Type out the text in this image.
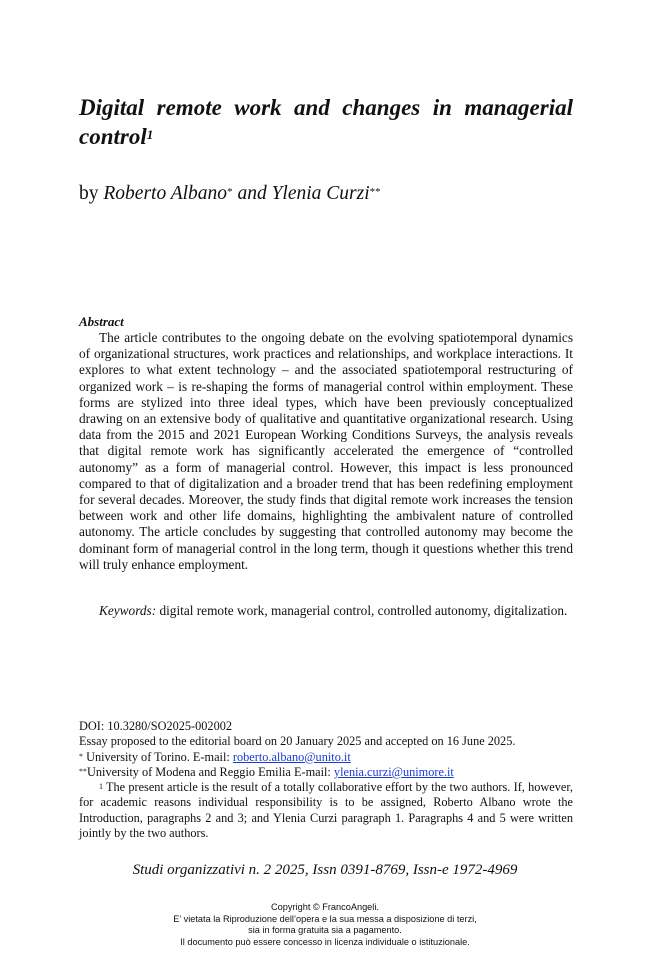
Digital remote work and changes in managerial control$^1$
by Roberto Albano* and Ylenia Curzi**
Abstract

The article contributes to the ongoing debate on the evolving spatiotemporal dynamics of organizational structures, work practices and relationships, and workplace interactions. It explores to what extent technology – and the associated spatiotemporal restructuring of organized work – is re-shaping the forms of managerial control within employment. These forms are stylized into three ideal types, which have been previously conceptualized drawing on an extensive body of qualitative and quantitative organizational research. Using data from the 2015 and 2021 European Working Conditions Surveys, the analysis reveals that digital remote work has significantly accelerated the emergence of “controlled autonomy” as a form of managerial control. However, this impact is less pronounced compared to that of digitalization and a broader trend that has been redefining employment for several decades. Moreover, the study finds that digital remote work increases the tension between work and other life domains, highlighting the ambivalent nature of controlled autonomy. The article concludes by suggesting that controlled autonomy may become the dominant form of managerial control in the long term, though it questions whether this trend will truly enhance employment.

Keywords: digital remote work, managerial control, controlled autonomy, digitalization.

DOI: 10.3280/SO2025-002002
Essay proposed to the editorial board on 20 January 2025 and accepted on 16 June 2025.
* University of Torino. E-mail: roberto.albano@unito.it
**University of Modena and Reggio Emilia E-mail: ylenia.curzi@unimore.it
$^1$ The present article is the result of a totally collaborative effort by the two authors. If, however, for academic reasons individual responsibility is to be assigned, Roberto Albano wrote the Introduction, paragraphs 2 and 3; and Ylenia Curzi paragraph 1. Paragraphs 4 and 5 were written jointly by the two authors.
Studi organizzativi n. 2 2025, Issn 0391-8769, Issn-e 1972-4969
Copyright © FrancoAngeli.
E’ vietata la Riproduzione dell’opera e la sua messa a disposizione di terzi,
sia in forma gratuita sia a pagamento.
Il documento può essere concesso in licenza individuale o istituzionale.
